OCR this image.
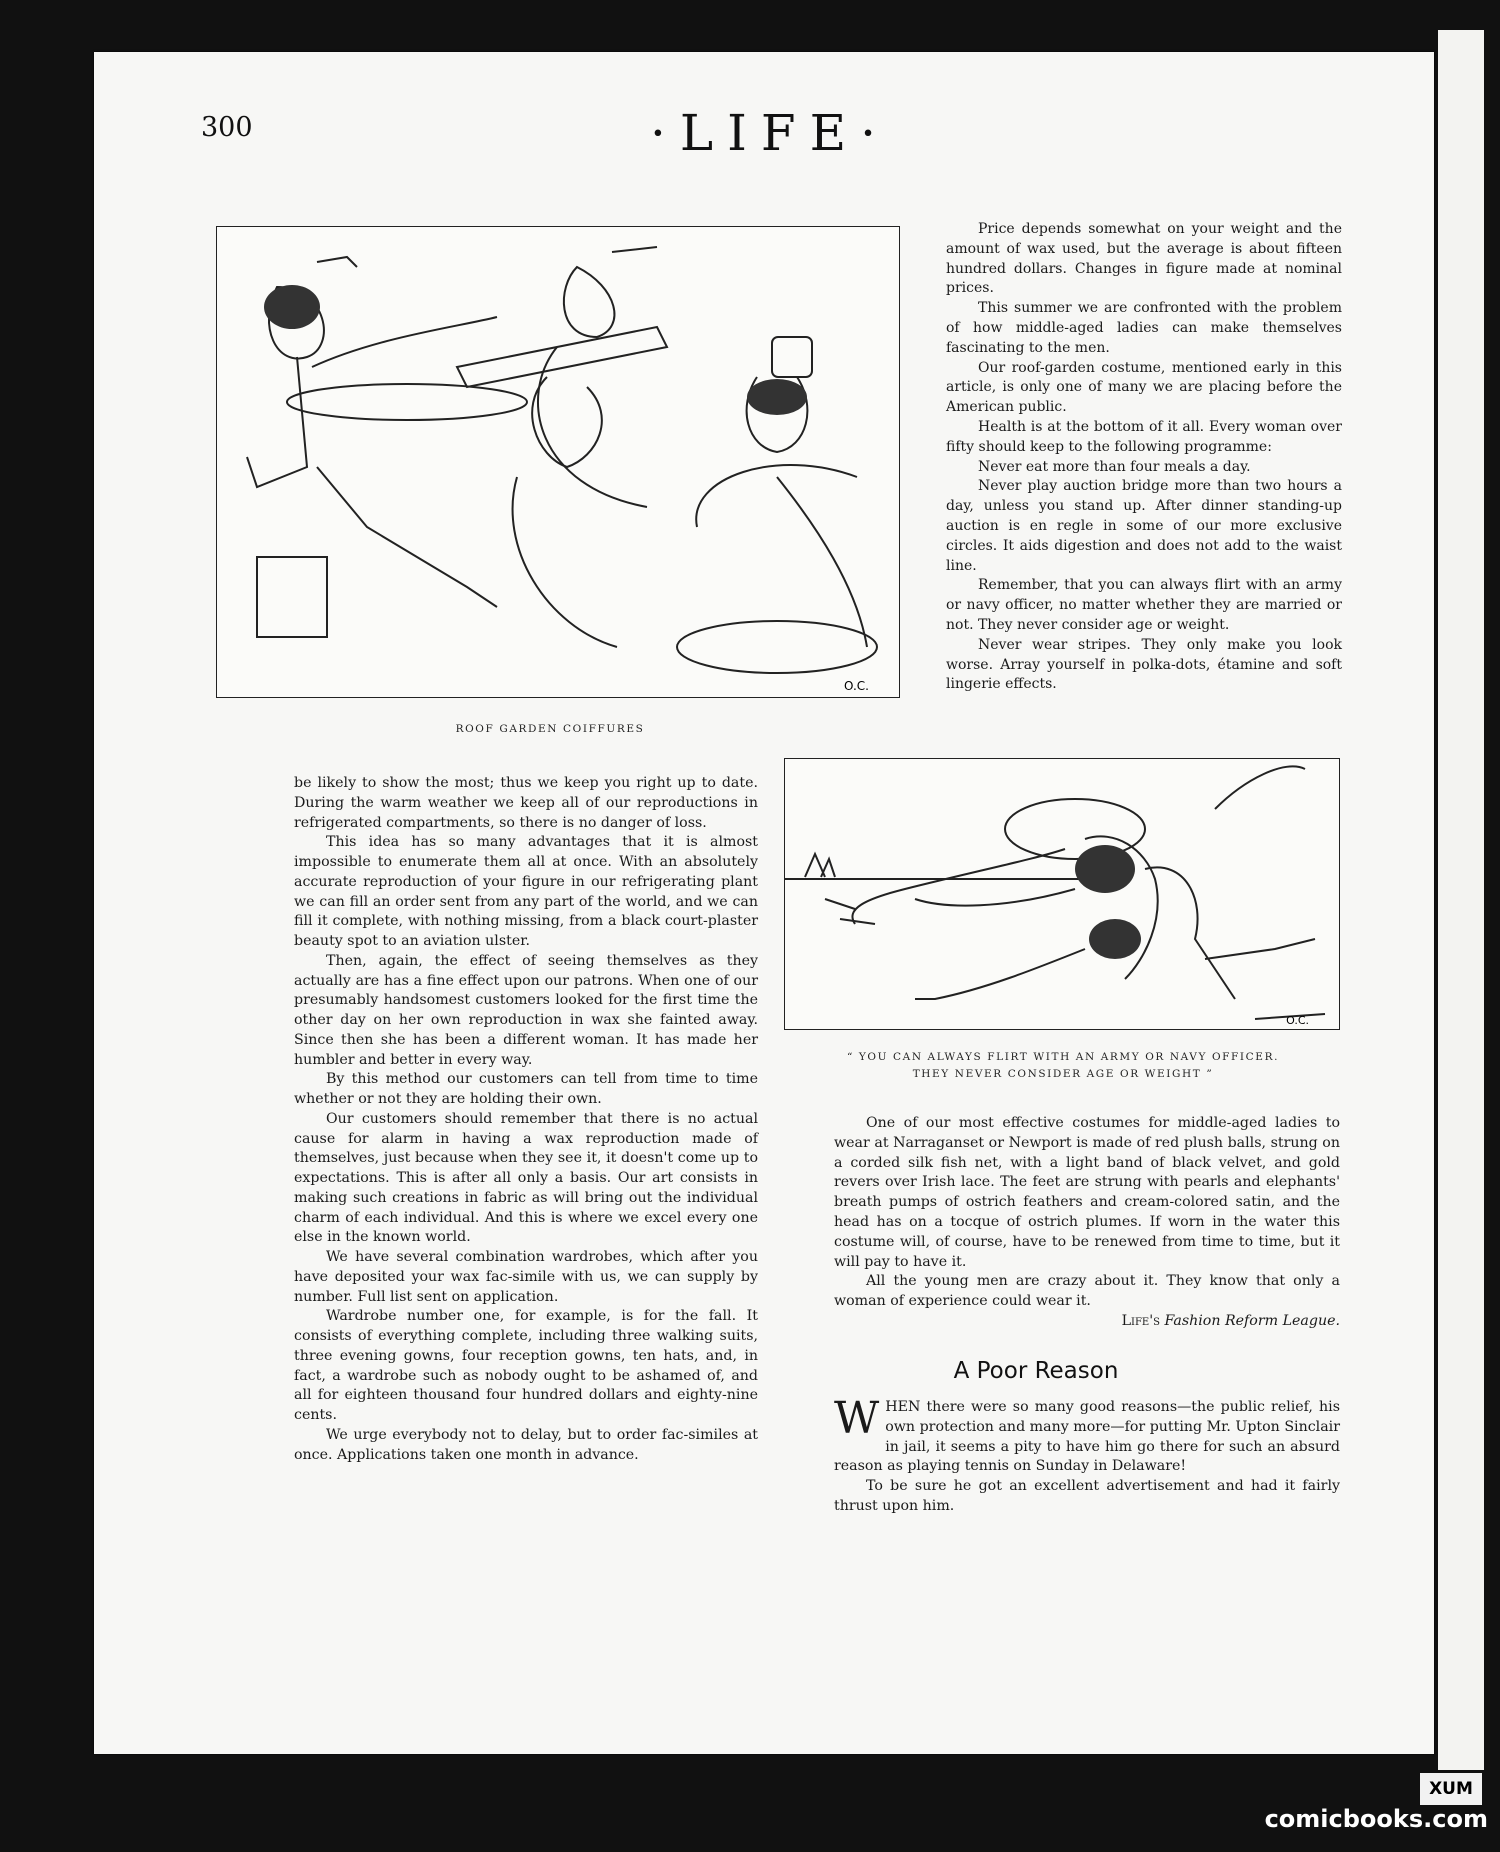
300	·LIFE·
O.C.
ROOF GARDEN COIFFURES

Price depends somewhat on your weight and the amount of wax used, but the average is about fifteen hundred dollars. Changes in figure made at nominal prices.

This summer we are confronted with the problem of how middle-aged ladies can make themselves fascinating to the men.

Our roof-garden costume, mentioned early in this article, is only one of many we are placing before the American public.

Health is at the bottom of it all. Every woman over fifty should keep to the following programme:

Never eat more than four meals a day.

Never play auction bridge more than two hours a day, unless you stand up. After dinner standing-up auction is en regle in some of our more exclusive circles. It aids digestion and does not add to the waist line.

Remember, that you can always flirt with an army or navy officer, no matter whether they are married or not. They never consider age or weight.

Never wear stripes. They only make you look worse. Array yourself in polka-dots, étamine and soft lingerie effects.

O.C.
“ YOU CAN ALWAYS FLIRT WITH AN ARMY OR NAVY OFFICER.
THEY NEVER CONSIDER AGE OR WEIGHT ”

be likely to show the most; thus we keep you right up to date. During the warm weather we keep all of our reproductions in refrigerated compartments, so there is no danger of loss.

This idea has so many advantages that it is almost impossible to enumerate them all at once. With an absolutely accurate reproduction of your figure in our refrigerating plant we can fill an order sent from any part of the world, and we can fill it complete, with nothing missing, from a black court-plaster beauty spot to an aviation ulster.

Then, again, the effect of seeing themselves as they actually are has a fine effect upon our patrons. When one of our presumably handsomest customers looked for the first time the other day on her own reproduction in wax she fainted away. Since then she has been a different woman. It has made her humbler and better in every way.

By this method our customers can tell from time to time whether or not they are holding their own.

Our customers should remember that there is no actual cause for alarm in having a wax reproduction made of themselves, just because when they see it, it doesn't come up to expectations. This is after all only a basis. Our art consists in making such creations in fabric as will bring out the individual charm of each individual. And this is where we excel every one else in the known world.

We have several combination wardrobes, which after you have deposited your wax fac-simile with us, we can supply by number. Full list sent on application.

Wardrobe number one, for example, is for the fall. It consists of everything complete, including three walking suits, three evening gowns, four reception gowns, ten hats, and, in fact, a wardrobe such as nobody ought to be ashamed of, and all for eighteen thousand four hundred dollars and eighty-nine cents.

We urge everybody not to delay, but to order fac-similes at once. Applications taken one month in advance.

One of our most effective costumes for middle-aged ladies to wear at Narraganset or Newport is made of red plush balls, strung on a corded silk fish net, with a light band of black velvet, and gold revers over Irish lace. The feet are strung with pearls and elephants' breath pumps of ostrich feathers and cream-colored satin, and the head has on a tocque of ostrich plumes. If worn in the water this costume will, of course, have to be renewed from time to time, but it will pay to have it.

All the young men are crazy about it. They know that only a woman of experience could wear it.

Life's Fashion Reform League.
A Poor Reason

WHEN there were so many good reasons—the public relief, his own protection and many more—for putting Mr. Upton Sinclair in jail, it seems a pity to have him go there for such an absurd reason as playing tennis on Sunday in Delaware!

To be sure he got an excellent advertisement and had it fairly thrust upon him.

XUM
comicbooks.com
